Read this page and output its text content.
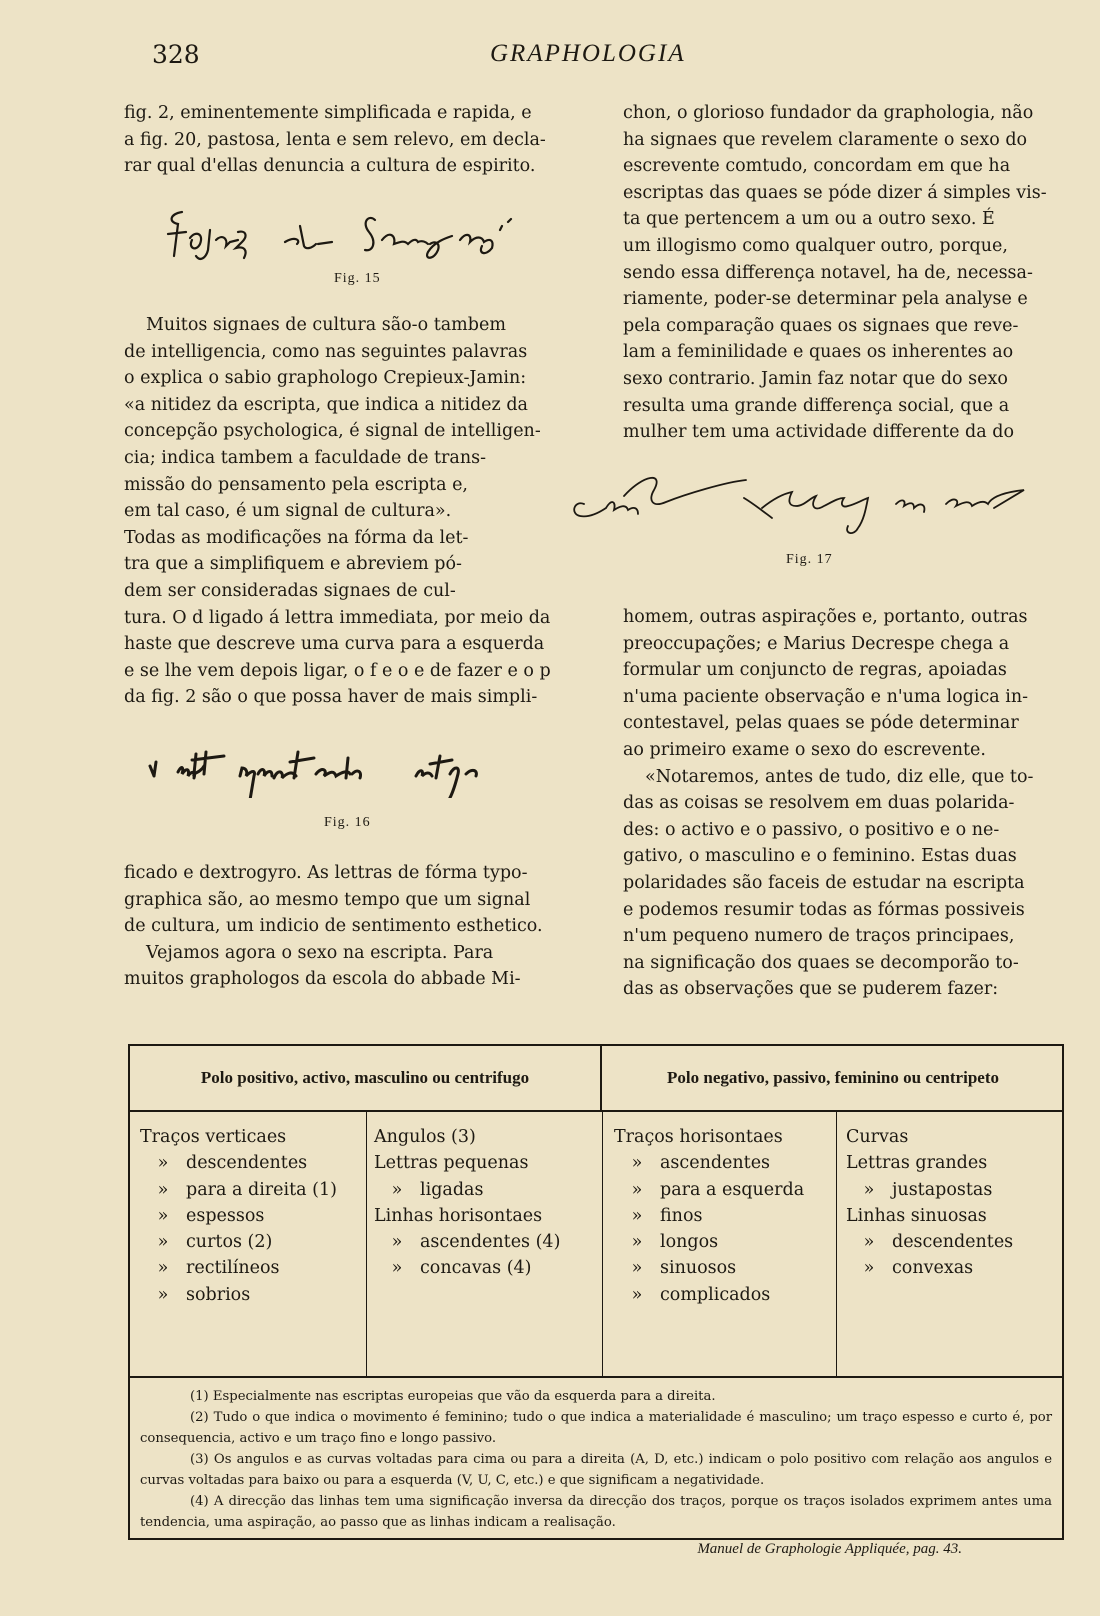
328	GRAPHOLOGIA

fig. 2, eminentemente simplificada e rapida, e

a fig. 20, pastosa, lenta e sem relevo, em decla-

rar qual d'ellas denuncia a cultura de espirito.

Fig. 15

Muitos signaes de cultura são-o tambem

de intelligencia, como nas seguintes palavras

o explica o sabio graphologo Crepieux-Jamin:

«a nitidez da escripta, que indica a nitidez da

concepção psychologica, é signal de intelligen-

cia; indica tambem a faculdade de trans-

missão do pensamento pela escripta e,

em tal caso, é um signal de cultura».

Todas as modificações na fórma da let-

tra que a simplifiquem e abreviem pó-

dem ser consideradas signaes de cul-

tura. O d ligado á lettra immediata, por meio da

haste que descreve uma curva para a esquerda

e se lhe vem depois ligar, o f e o e de fazer e o p

da fig. 2 são o que possa haver de mais simpli-

Fig. 16

ficado e dextrogyro. As lettras de fórma typo-

graphica são, ao mesmo tempo que um signal

de cultura, um indicio de sentimento esthetico.

Vejamos agora o sexo na escripta. Para

muitos graphologos da escola do abbade Mi-

chon, o glorioso fundador da graphologia, não

ha signaes que revelem claramente o sexo do

escrevente comtudo, concordam em que ha

escriptas das quaes se póde dizer á simples vis-

ta que pertencem a um ou a outro sexo. É

um illogismo como qualquer outro, porque,

sendo essa differença notavel, ha de, necessa-

riamente, poder-se determinar pela analyse e

pela comparação quaes os signaes que reve-

lam a feminilidade e quaes os inherentes ao

sexo contrario. Jamin faz notar que do sexo

resulta uma grande differença social, que a

mulher tem uma actividade differente da do

Fig. 17

homem, outras aspirações e, portanto, outras

preoccupações; e Marius Decrespe chega a

formular um conjuncto de regras, apoiadas

n'uma paciente observação e n'uma logica in-

contestavel, pelas quaes se póde determinar

ao primeiro exame o sexo do escrevente.

«Notaremos, antes de tudo, diz elle, que to-

das as coisas se resolvem em duas polarida-

des: o activo e o passivo, o positivo e o ne-

gativo, o masculino e o feminino. Estas duas

polaridades são faceis de estudar na escripta

e podemos resumir todas as fórmas possiveis

n'um pequeno numero de traços principaes,

na significação dos quaes se decomporão to-

das as observações que se puderem fazer:

Polo positivo, activo, masculino ou centrifugo	Polo negativo, passivo, feminino ou centripeto
Traços verticaes
» descendentes
» para a direita (1)
» espessos
» curtos (2)
» rectilíneos
» sobrios
Angulos (3)
Lettras pequenas
» ligadas
Linhas horisontaes
» ascendentes (4)
» concavas (4)
Traços horisontaes
» ascendentes
» para a esquerda
» finos
» longos
» sinuosos
» complicados
Curvas
Lettras grandes
» justapostas
Linhas sinuosas
» descendentes
» convexas

(1) Especialmente nas escriptas europeias que vão da esquerda para a direita.

(2) Tudo o que indica o movimento é feminino; tudo o que indica a materialidade é masculino; um traço espesso e curto é, por consequencia, activo e um traço fino e longo passivo.

(3) Os angulos e as curvas voltadas para cima ou para a direita (A, D, etc.) indicam o polo positivo com relação aos angulos e curvas voltadas para baixo ou para a esquerda (V, U, C, etc.) e que significam a negatividade.

(4) A direcção das linhas tem uma significação inversa da direcção dos traços, porque os traços isolados exprimem antes uma tendencia, uma aspiração, ao passo que as linhas indicam a realisação.

Manuel de Graphologie Appliquée, pag. 43.
